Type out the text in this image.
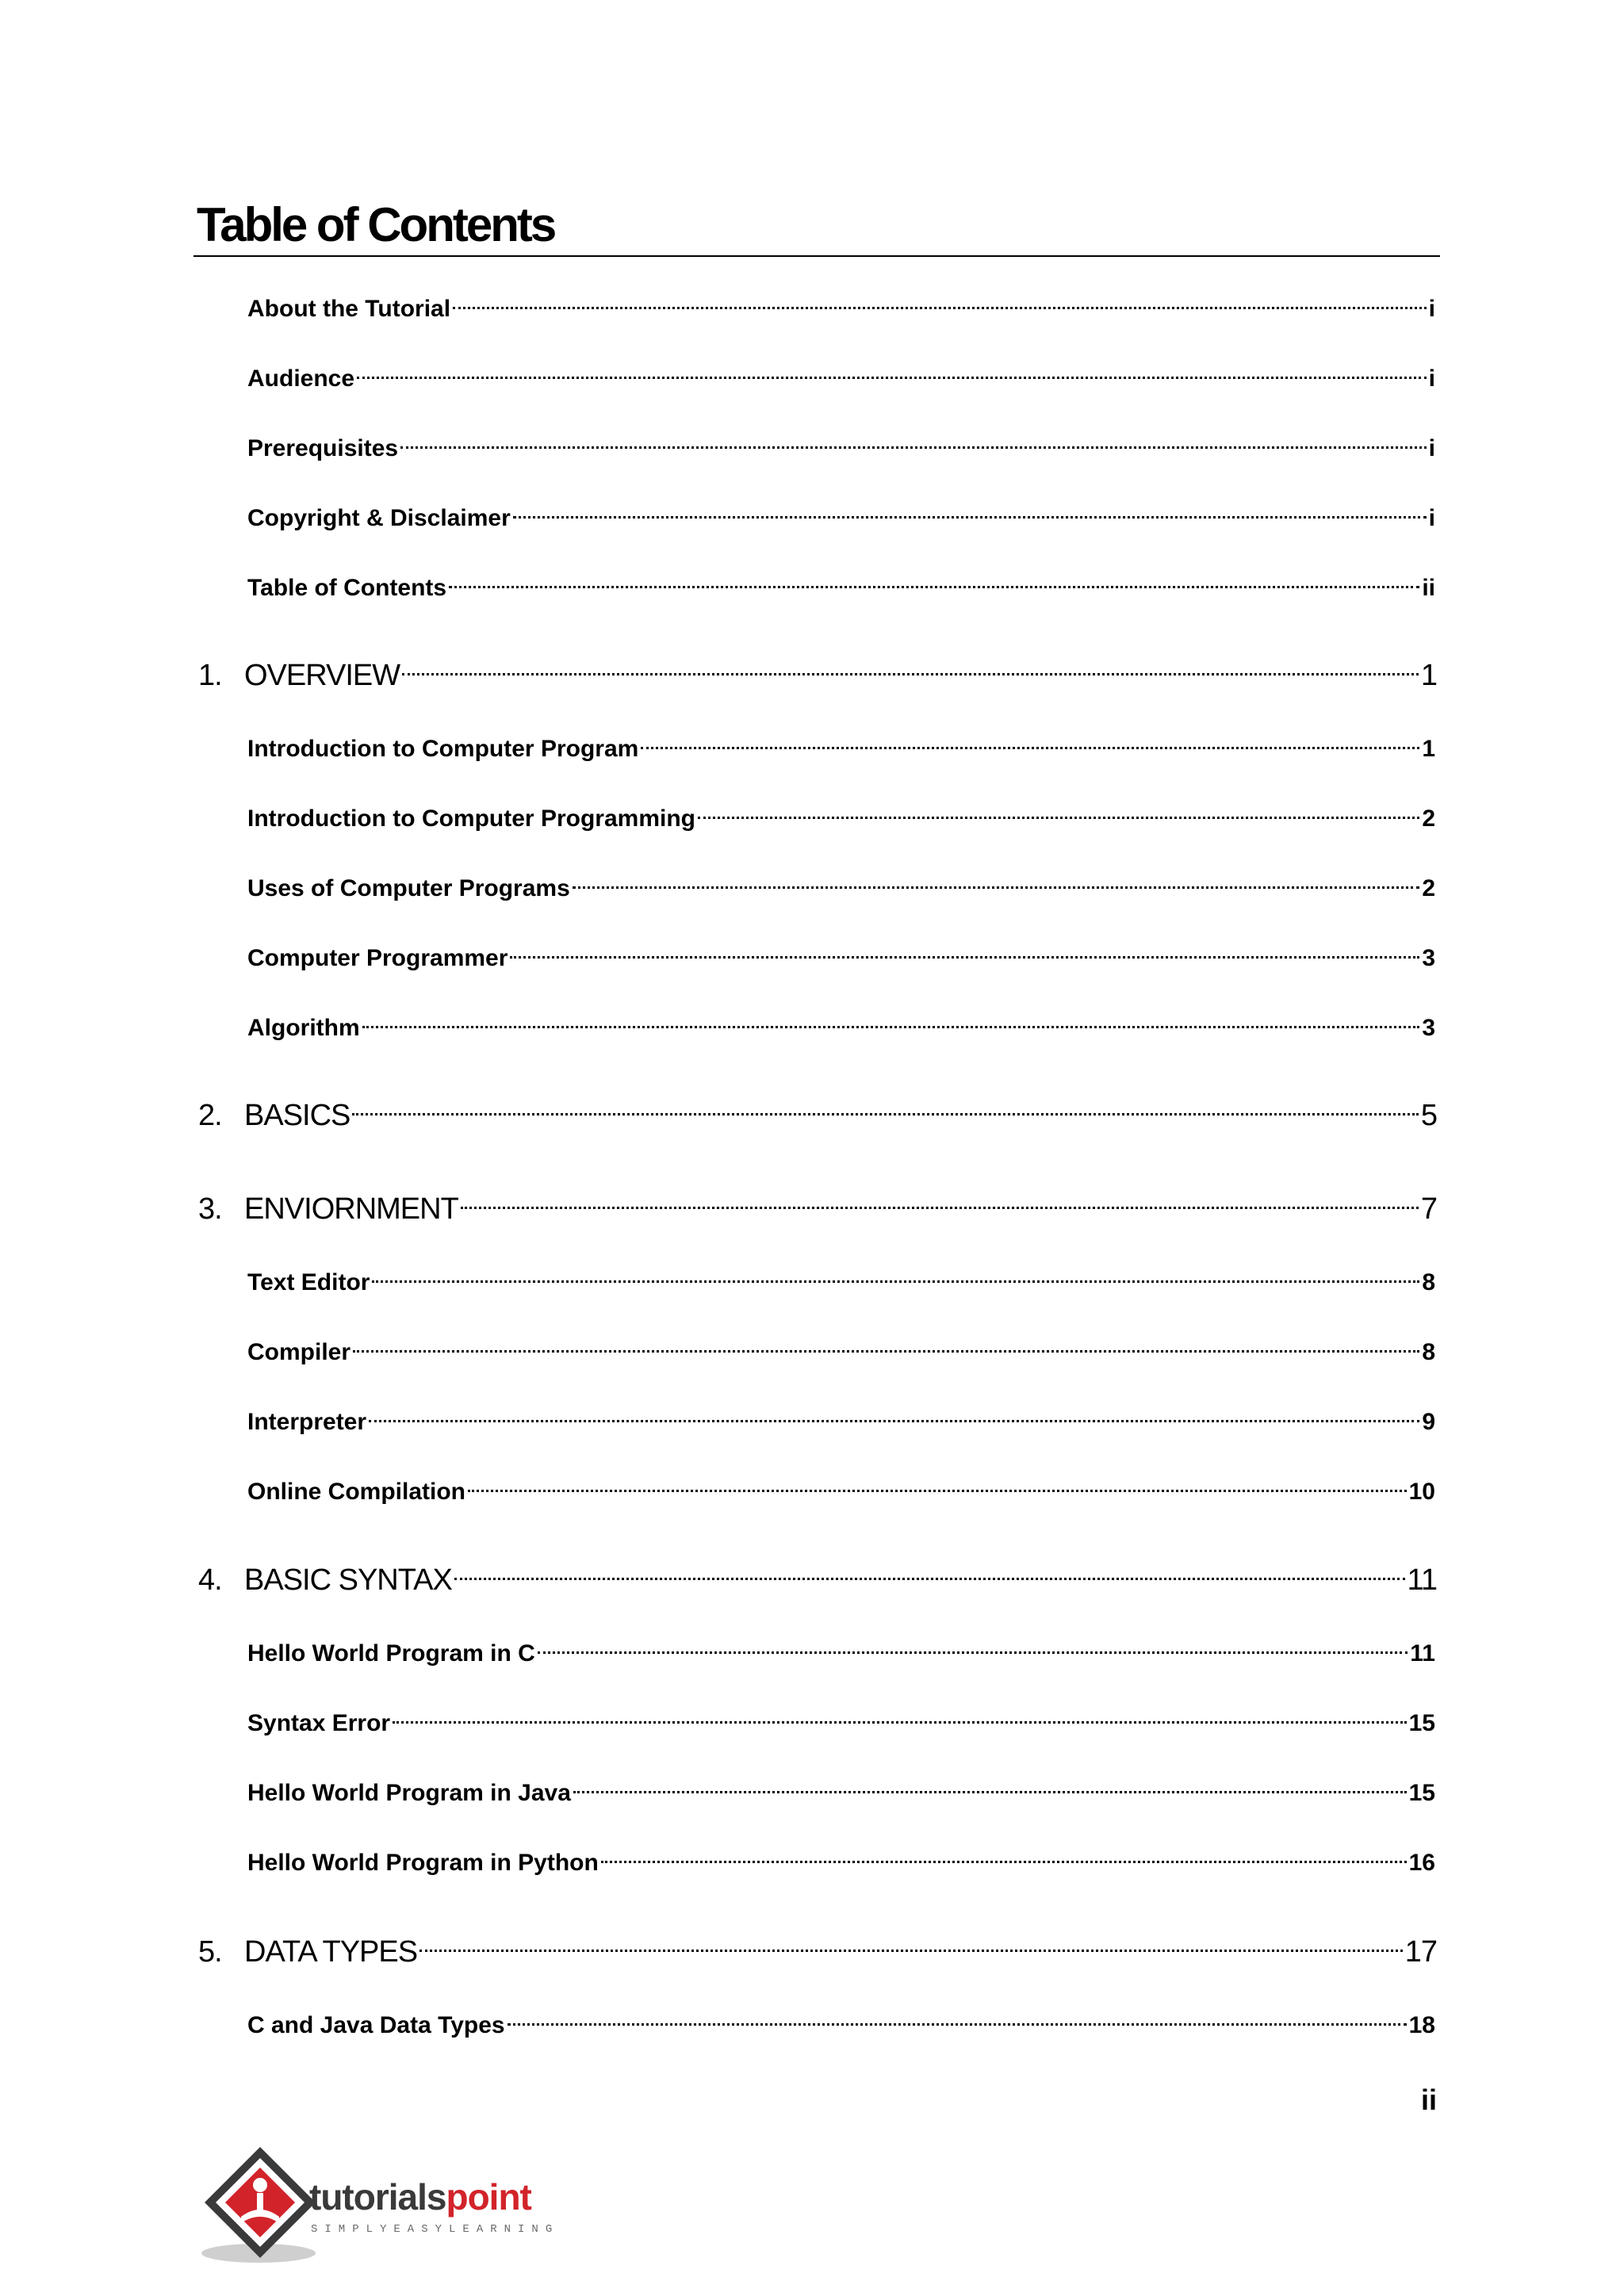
Table of Contents
About the Tutorial	i
Audience	i
Prerequisites	i
Copyright & Disclaimer	i
Table of Contents	ii
1. OVERVIEW	1
Introduction to Computer Program	1
Introduction to Computer Programming	2
Uses of Computer Programs	2
Computer Programmer	3
Algorithm	3
2. BASICS	5
3. ENVIORNMENT	7
Text Editor	8
Compiler	8
Interpreter	9
Online Compilation	10
4. BASIC SYNTAX	11
Hello World Program in C	11
Syntax Error	15
Hello World Program in Java	15
Hello World Program in Python	16
5. DATA TYPES	17
C and Java Data Types	18
ii
tutorialspoint
SIMPLYEASYLEARNING
